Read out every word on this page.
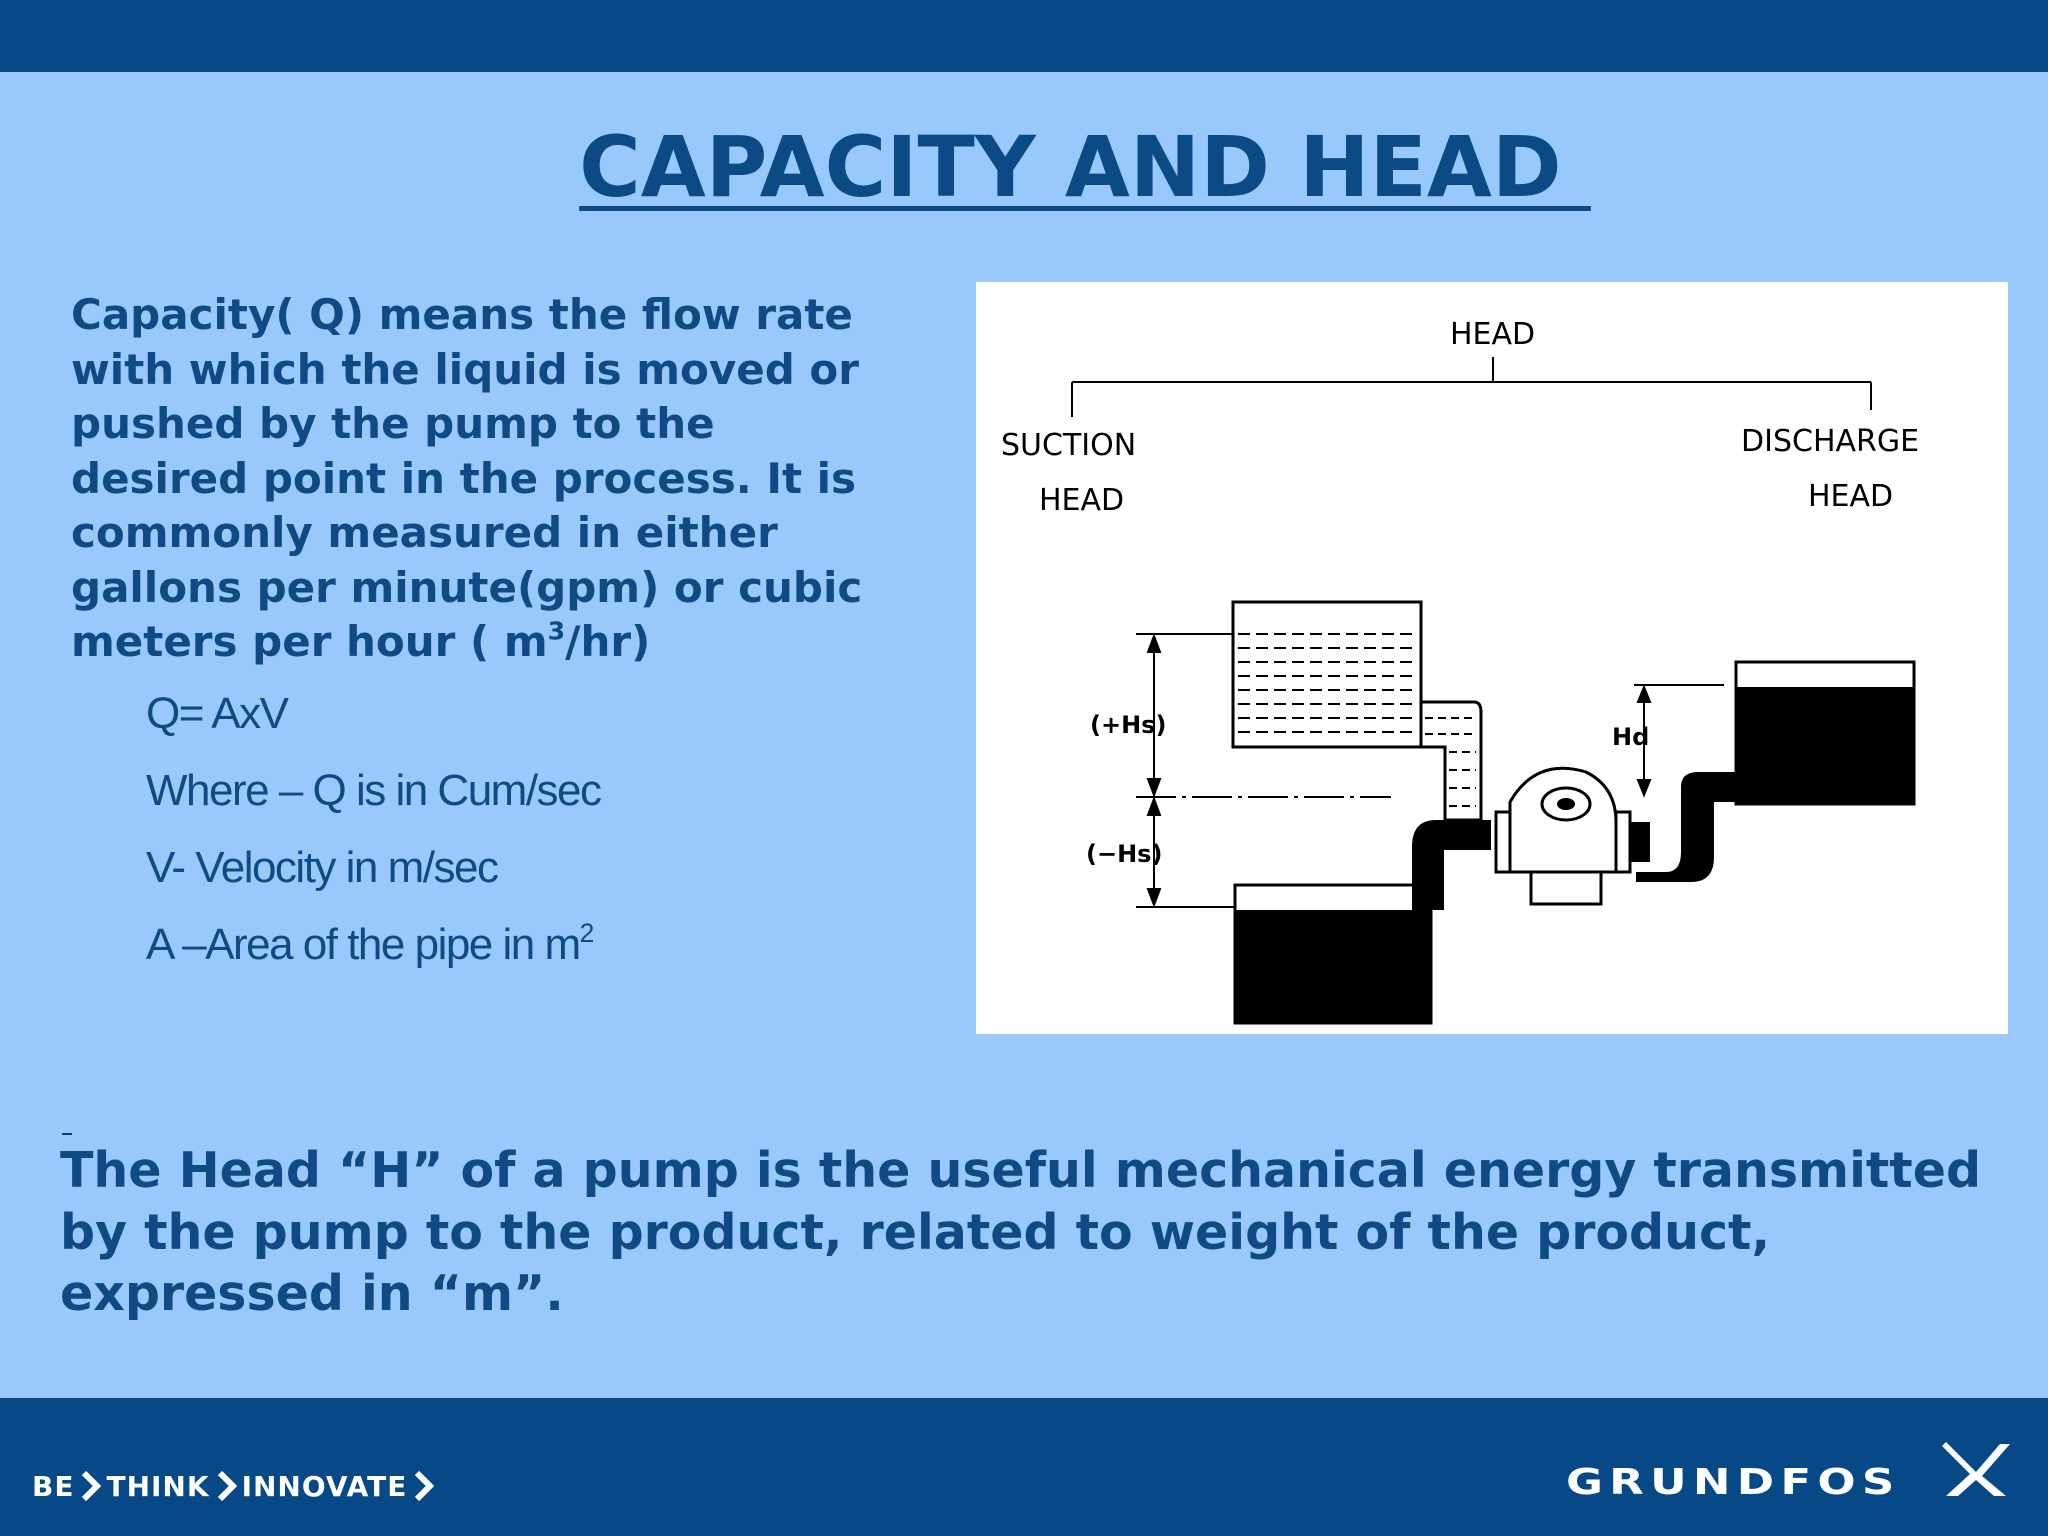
CAPACITY AND HEAD

Capacity( Q) means the flow rate with which the liquid is moved or pushed by the pump to the desired point in the process. It is commonly measured in either gallons per minute(gpm) or cubic meters per hour ( $m^3/hr$)

Q= AxV
Where – Q is in Cum/sec
V- Velocity in m/sec
A –Area of the pipe in $m^2$
HEAD
SUCTION
HEAD
DISCHARGE
HEAD
(+Hs)
(−Hs)
Hd

The Head “H” of a pump is the useful mechanical energy transmitted by the pump to the product, related to weight of the product, expressed in “m”.

BE THINK INNOVATE	GRUNDFOS
